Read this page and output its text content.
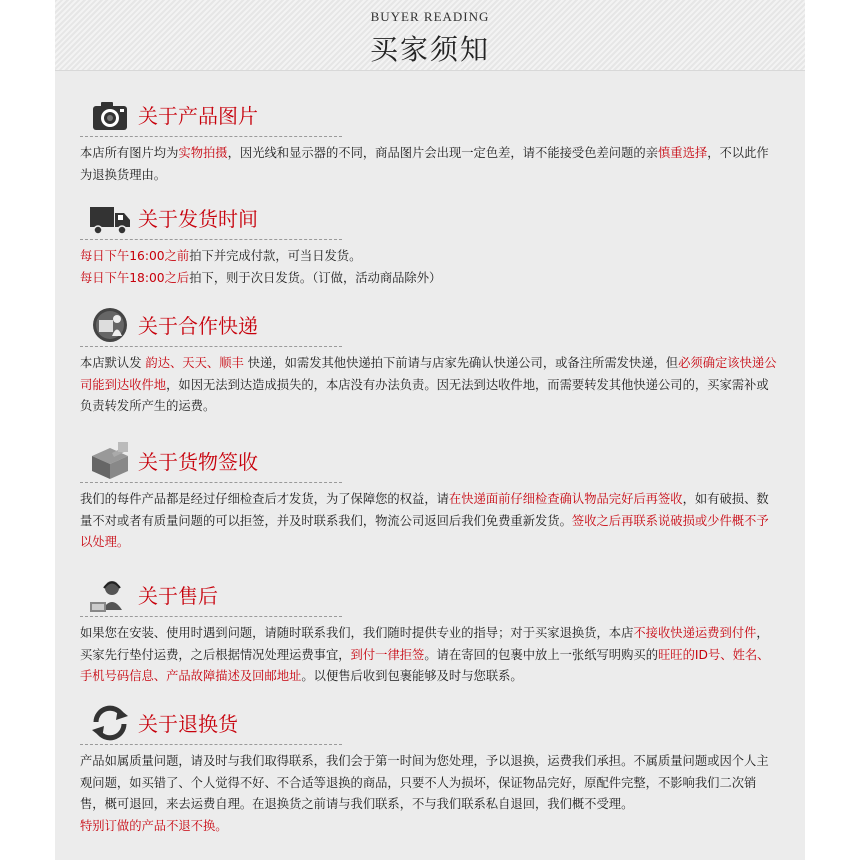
BUYER READING
买家须知
关于产品图片
本店所有图片均为实物拍摄，因光线和显示器的不同，商品图片会出现一定色差，请不能接受色差问题的亲慎重选择，不以此作为退换货理由。
关于发货时间
每日下午16:00之前拍下并完成付款，可当日发货。
每日下午18:00之后拍下，则于次日发货。（订做，活动商品除外）
关于合作快递
本店默认发 韵达、天天、顺丰 快递，如需发其他快递拍下前请与店家先确认快递公司，或备注所需发快递，但必须确定该快递公司能到达收件地，如因无法到达造成损失的，本店没有办法负责。因无法到达收件地，而需要转发其他快递公司的，买家需补或负责转发所产生的运费。
关于货物签收
我们的每件产品都是经过仔细检查后才发货，为了保障您的权益，请在快递面前仔细检查确认物品完好后再签收，如有破损、数量不对或者有质量问题的可以拒签，并及时联系我们，物流公司返回后我们免费重新发货。签收之后再联系说破损或少件概不予以处理。
关于售后
如果您在安装、使用时遇到问题，请随时联系我们，我们随时提供专业的指导；对于买家退换货，本店不接收快递运费到付件，买家先行垫付运费，之后根据情况处理运费事宜，到付一律拒签。请在寄回的包裹中放上一张纸写明购买的旺旺的ID号、姓名、手机号码信息、产品故障描述及回邮地址。以便售后收到包裹能够及时与您联系。
关于退换货
产品如属质量问题，请及时与我们取得联系，我们会于第一时间为您处理，予以退换，运费我们承担。不属质量问题或因个人主观问题，如买错了、个人觉得不好、不合适等退换的商品，只要不人为损坏，保证物品完好，原配件完整，不影响我们二次销售，概可退回，来去运费自理。在退换货之前请与我们联系，不与我们联系私自退回，我们概不受理。
特别订做的产品不退不换。
